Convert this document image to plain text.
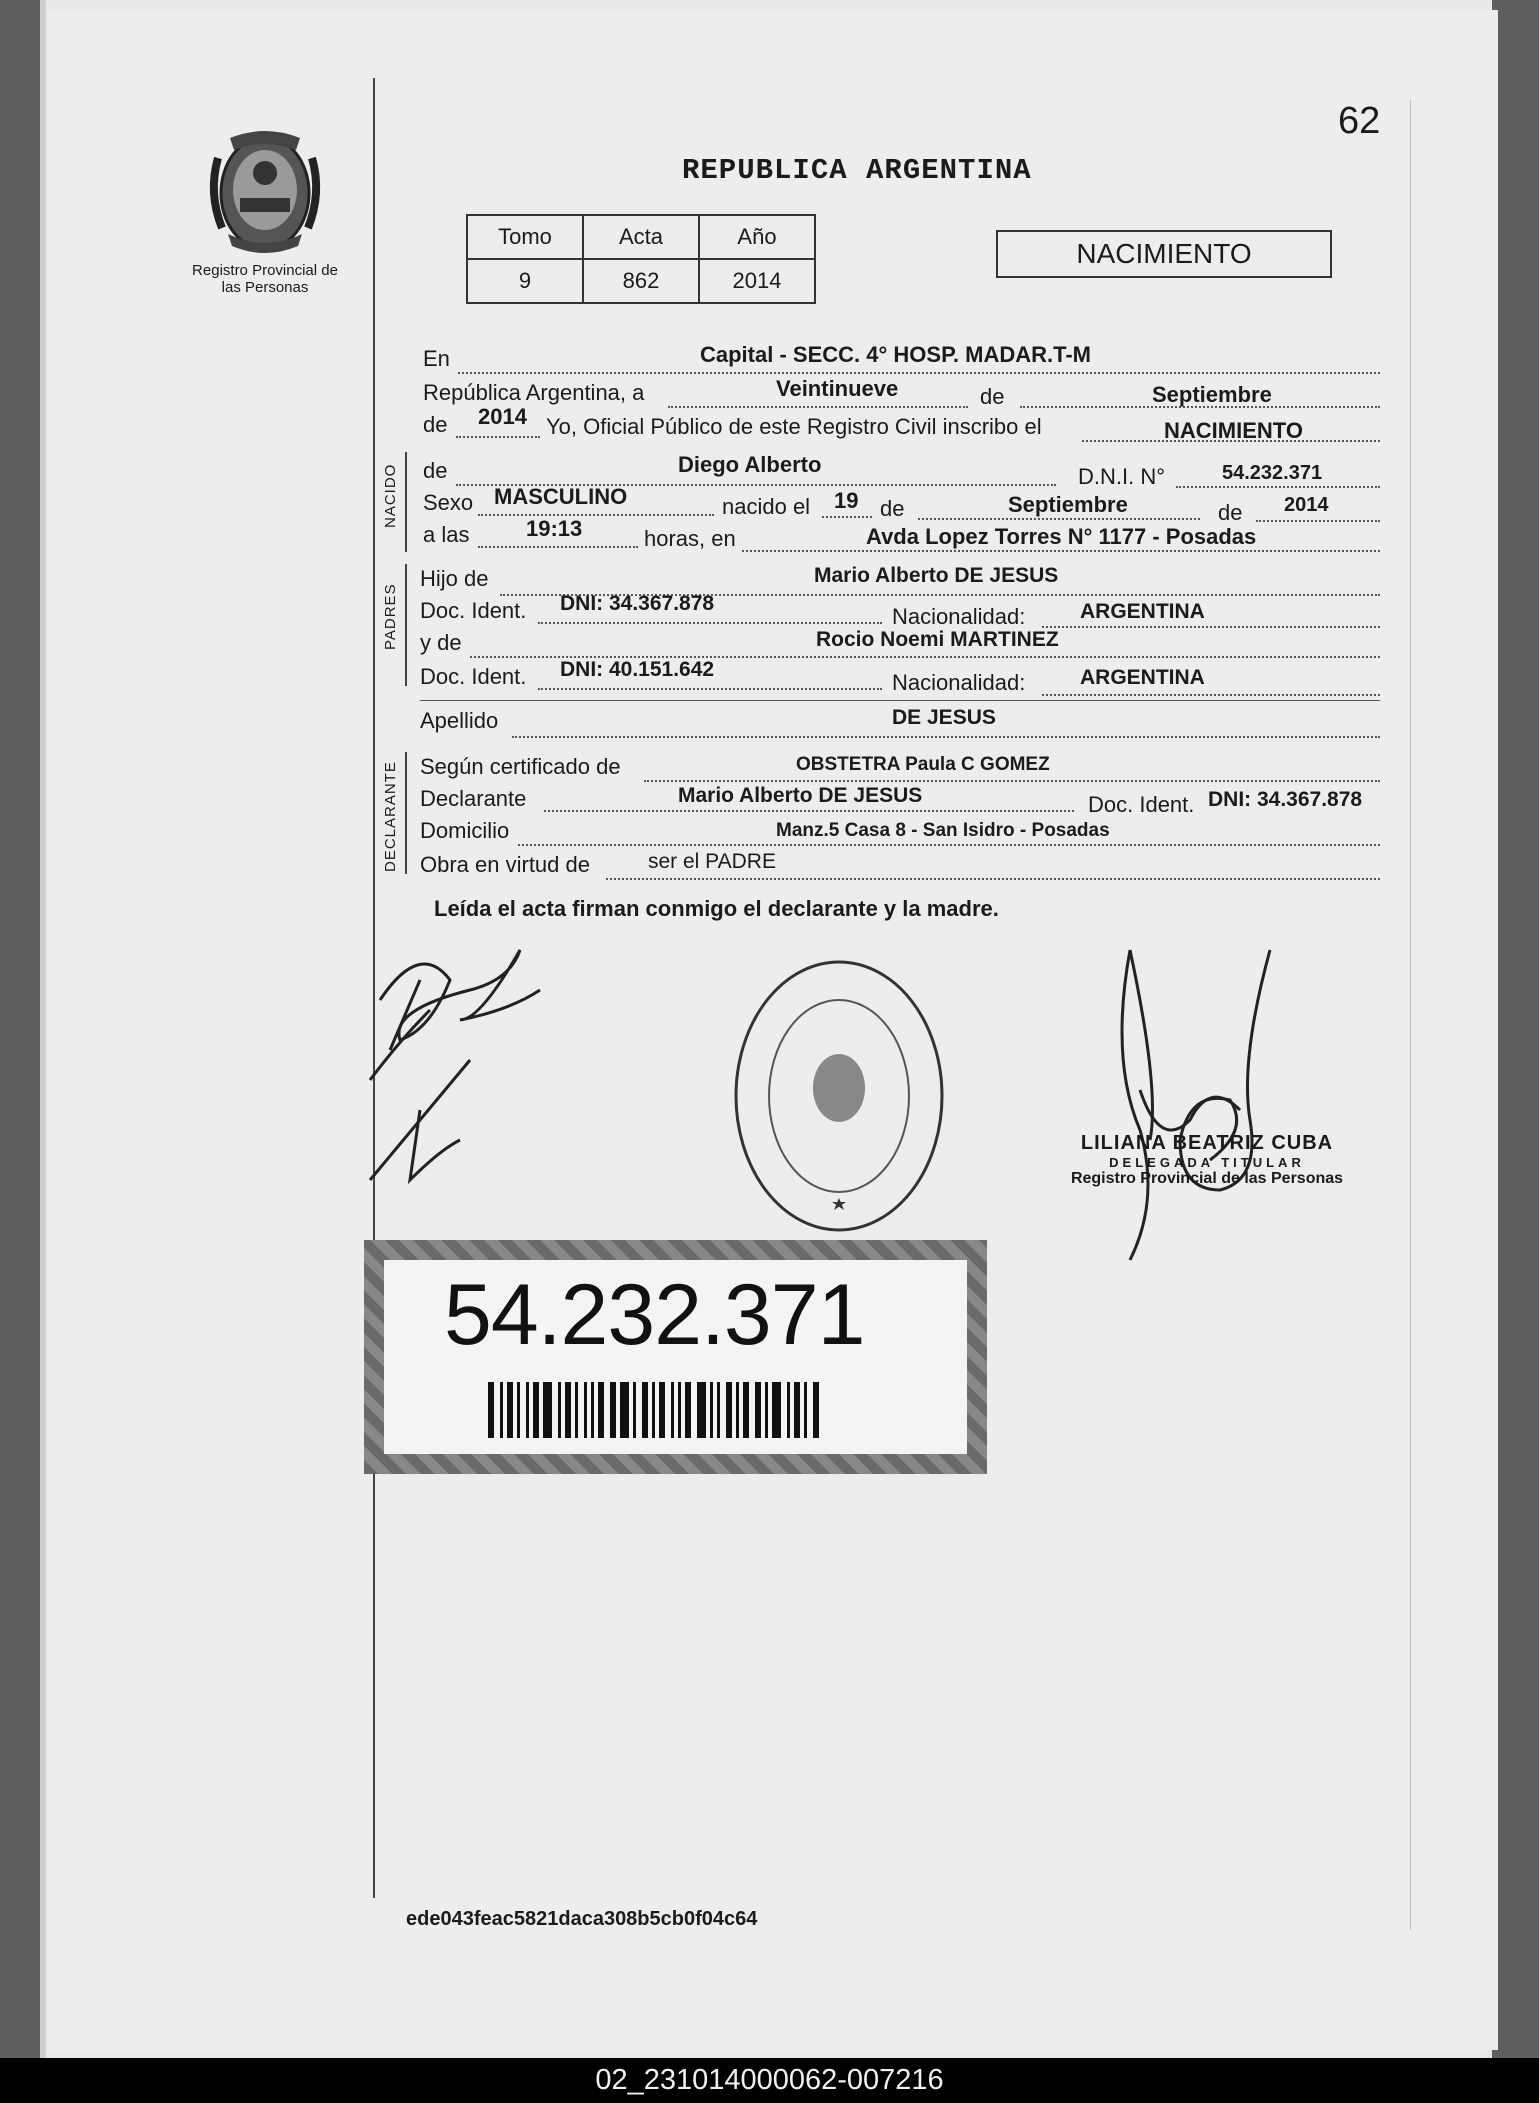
Registro Provincial de las Personas
62
REPUBLICA ARGENTINA
Tomo	Acta	Año
9	862	2014
NACIMIENTO
En	Capital - SECC. 4° HOSP. MADAR.T-M
República Argentina, a	Veintinueve	de	Septiembre
de 2014 Yo, Oficial Público de este Registro Civil inscribo el	NACIMIENTO
NACIDO de	Diego Alberto	D.N.I. N°	54.232.371
Sexo MASCULINO	nacido el 19 de	Septiembre	de 2014
a las	19:13	horas, en	Avda Lopez Torres N° 1177 - Posadas
PADRES
Hijo de	Mario Alberto DE JESUS
Doc. Ident. DNI: 34.367.878
Nacionalidad:	ARGENTINA
y de	Rocio Noemi MARTINEZ
Doc. Ident. DNI: 40.151.642
Nacionalidad:	ARGENTINA
Apellido	DE JESUS
DECLARANTE Según certificado de	OBSTETRA Paula C GOMEZ
Declarante	Mario Alberto DE JESUS	Doc. Ident. DNI: 34.367.878
Domicilio	Manz.5 Casa 8 - San Isidro - Posadas
Obra en virtud de	ser el PADRE
Leída el acta firman conmigo el declarante y la madre.
LILIANA BEATRIZ CUBA
DELEGADA TITULAR
Registro Provincial de las Personas
54.232.371
ede043feac5821daca308b5cb0f04c64
02_231014000062-007216
